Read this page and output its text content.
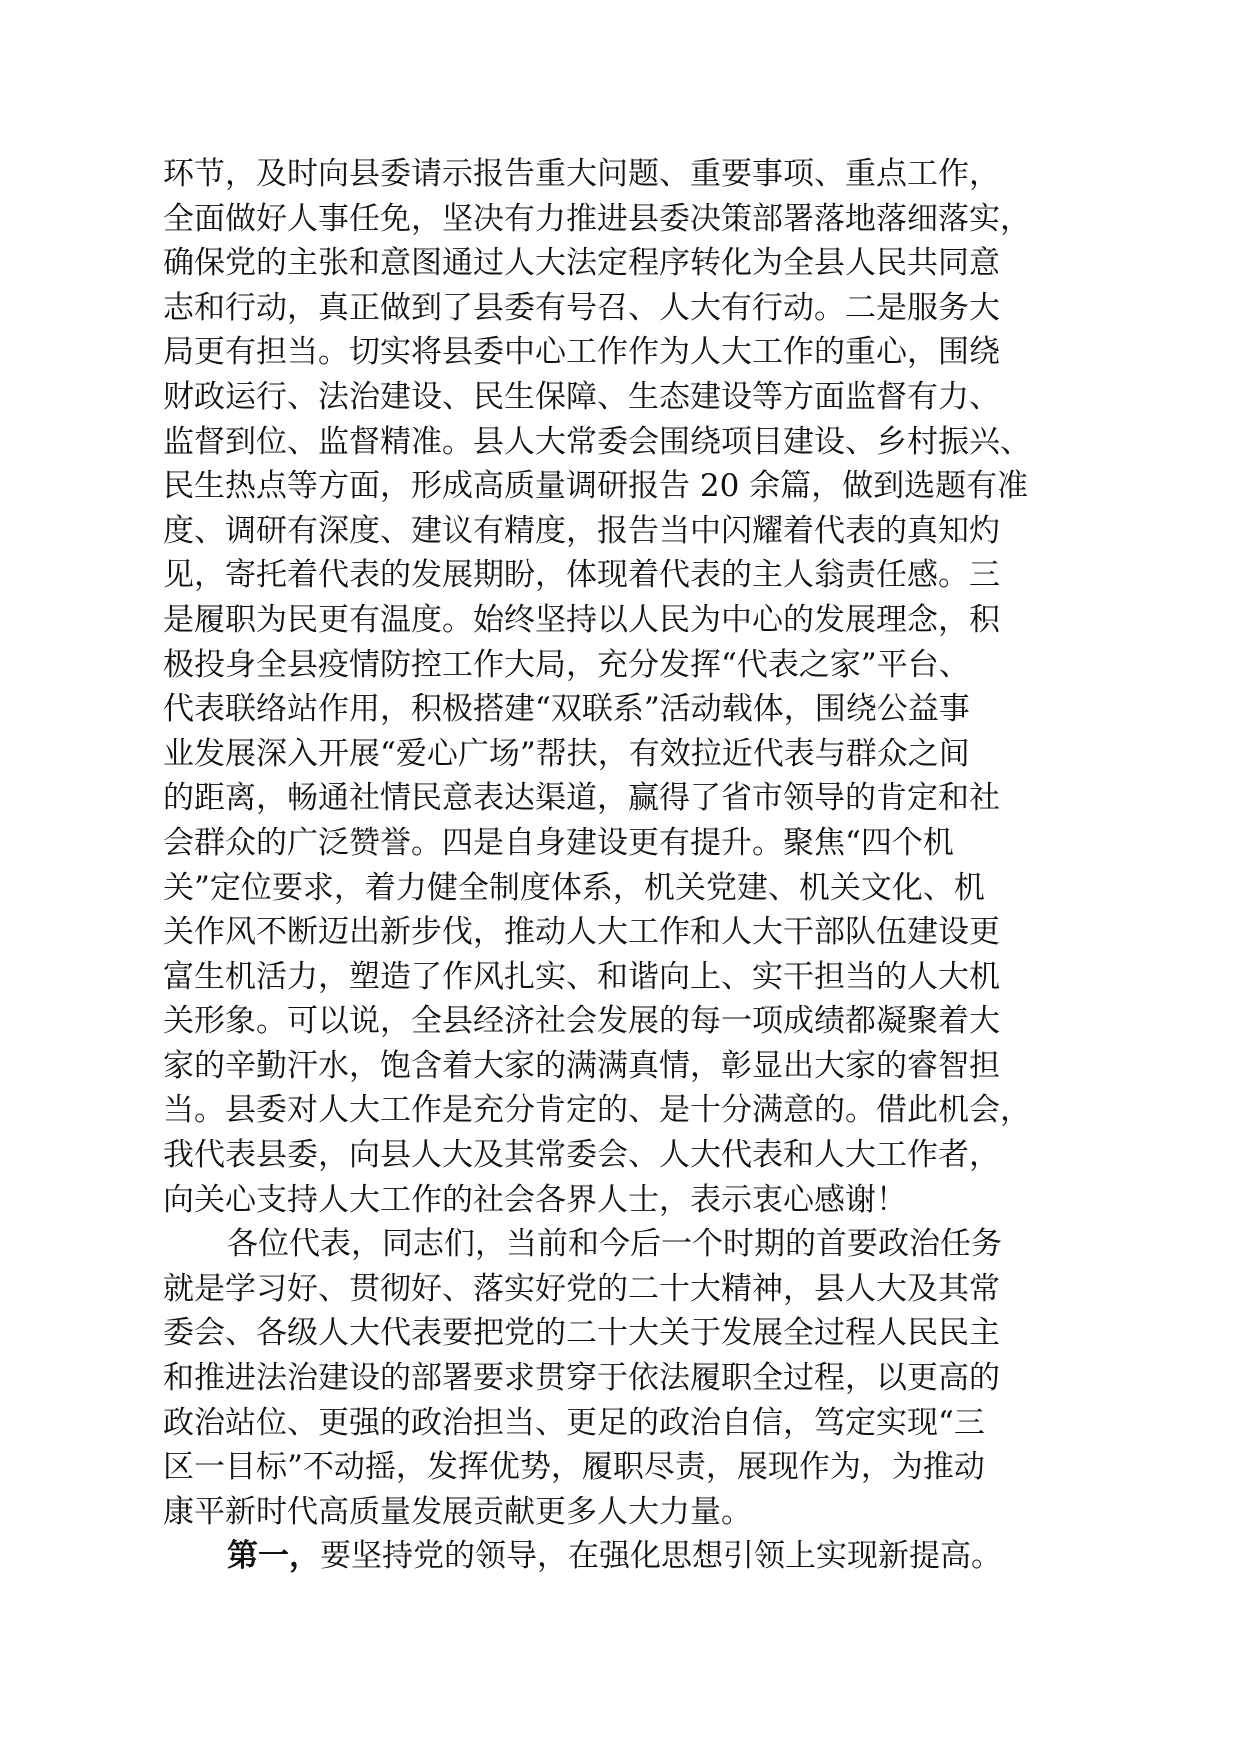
环节，及时向县委请示报告重大问题、重要事项、重点工作，
全面做好人事任免，坚决有力推进县委决策部署落地落细落实，
确保党的主张和意图通过人大法定程序转化为全县人民共同意
志和行动，真正做到了县委有号召、人大有行动。二是服务大
局更有担当。切实将县委中心工作作为人大工作的重心，围绕
财政运行、法治建设、民生保障、生态建设等方面监督有力、
监督到位、监督精准。县人大常委会围绕项目建设、乡村振兴、
民生热点等方面，形成高质量调研报告 20 余篇，做到选题有准
度、调研有深度、建议有精度，报告当中闪耀着代表的真知灼
见，寄托着代表的发展期盼，体现着代表的主人翁责任感。三
是履职为民更有温度。始终坚持以人民为中心的发展理念，积
极投身全县疫情防控工作大局，充分发挥“代表之家”平台、
代表联络站作用，积极搭建“双联系”活动载体，围绕公益事
业发展深入开展“爱心广场”帮扶，有效拉近代表与群众之间
的距离，畅通社情民意表达渠道，赢得了省市领导的肯定和社
会群众的广泛赞誉。四是自身建设更有提升。聚焦“四个机
关”定位要求，着力健全制度体系，机关党建、机关文化、机
关作风不断迈出新步伐，推动人大工作和人大干部队伍建设更
富生机活力，塑造了作风扎实、和谐向上、实干担当的人大机
关形象。可以说，全县经济社会发展的每一项成绩都凝聚着大
家的辛勤汗水，饱含着大家的满满真情，彰显出大家的睿智担
当。县委对人大工作是充分肯定的、是十分满意的。借此机会，
我代表县委，向县人大及其常委会、人大代表和人大工作者，
向关心支持人大工作的社会各界人士，表示衷心感谢！
各位代表，同志们，当前和今后一个时期的首要政治任务
就是学习好、贯彻好、落实好党的二十大精神，县人大及其常
委会、各级人大代表要把党的二十大关于发展全过程人民民主
和推进法治建设的部署要求贯穿于依法履职全过程，以更高的
政治站位、更强的政治担当、更足的政治自信，笃定实现“三
区一目标”不动摇，发挥优势，履职尽责，展现作为，为推动
康平新时代高质量发展贡献更多人大力量。
第一，要坚持党的领导，在强化思想引领上实现新提高。
